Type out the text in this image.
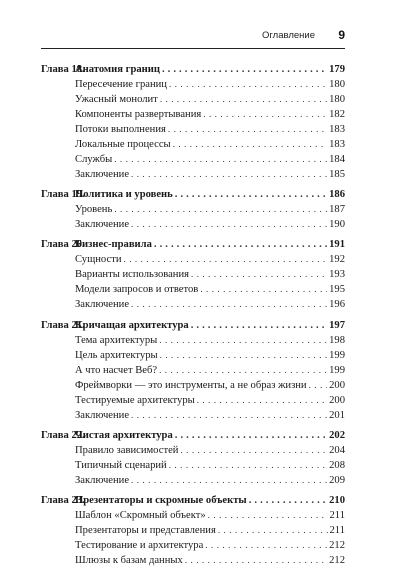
Оглавление 9
Глава 18.Анатомия границ . . .	179
Пересечение границ . . .	180
Ужасный монолит . . .	180
Компоненты развертывания . . .	182
Потоки выполнения . . .	183
Локальные процессы . . .	183
Службы . . .	184
Заключение . . .	185
Глава 19.Политика и уровень . . .	186
Уровень . . .	187
Заключение . . .	190
Глава 20.Бизнес-правила . . .	191
Сущности . . .	192
Варианты использования . . .	193
Модели запросов и ответов . . .	195
Заключение . . .	196
Глава 21.Кричащая архитектура . . .	197
Тема архитектуры . . .	198
Цель архитектуры . . .	199
А что насчет Веб? . . .	199
Фреймворки — это инструменты, а не образ жизни . . . 200
Тестируемые архитектуры . . .	200
Заключение . . .	201
Глава 22.Чистая архитектура . . .	202
Правило зависимостей . . .	204
Типичный сценарий . . .	208
Заключение . . .	209
Глава 23.Презентаторы и скромные объекты . . .	210
Шаблон «Скромный объект» . . .	211
Презентаторы и представления . . .	211
Тестирование и архитектура . . .	212
Шлюзы к базам данных . . .	212
